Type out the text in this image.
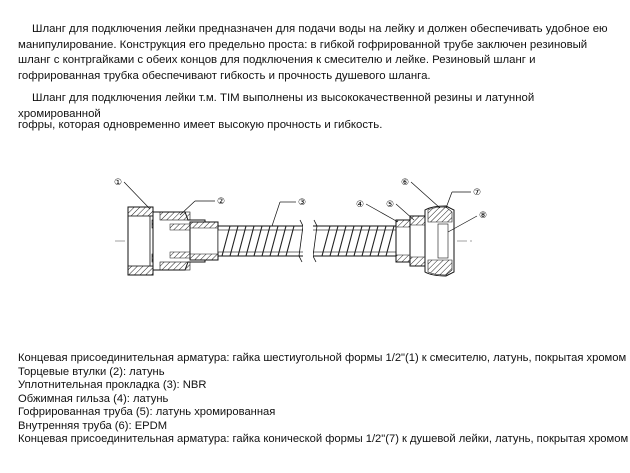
Шланг для подключения лейки предназначен для подачи воды на лейку и должен обеспечивать удобное ею манипулирование. Конструкция его предельно проста: в гибкой гофрированной трубе заключен резиновый шланг с контргайками с обеих концов для подключения к смесителю и лейке. Резиновый шланг и гофрированная трубка обеспечивают гибкость и прочность душевого шланга.

Шланг для подключения лейки т.м. TIM выполнены из высококачественной резины и латунной хромированной

гофры, которая одновременно имеет высокую прочность и гибкость.

①
②	③	④ ⑤
⑥
⑦
⑧
Концевая присоединительная арматура: гайка шестиугольной формы 1/2"(1) к смесителю, латунь, покрытая хромом
Торцевые втулки (2): латунь
Уплотнительная прокладка (3): NBR
Обжимная гильза (4): латунь
Гофрированная труба (5): латунь хромированная
Внутренняя труба (6): EPDM
Концевая присоединительная арматура: гайка конической формы 1/2"(7) к душевой лейки, латунь, покрытая хромом
